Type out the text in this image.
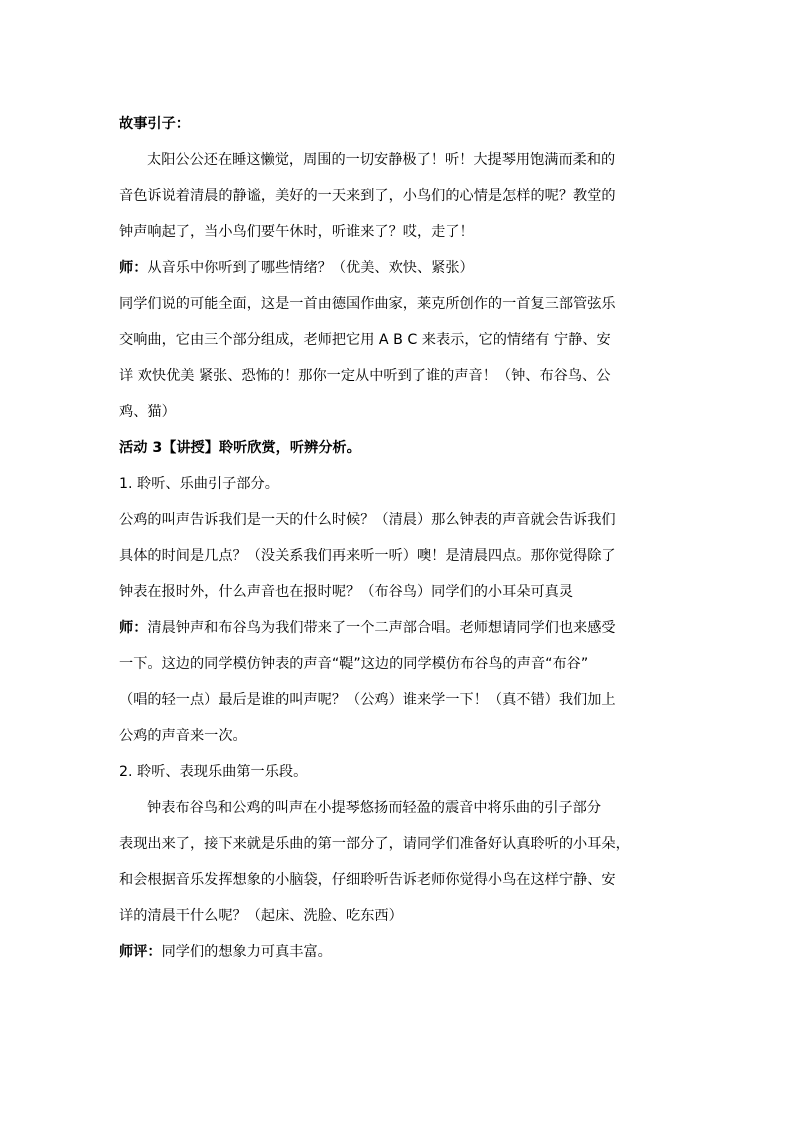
故事引子：
太阳公公还在睡这懒觉，周围的一切安静极了！听！大提琴用饱满而柔和的
音色诉说着清晨的静谧，美好的一天来到了，小鸟们的心情是怎样的呢？教堂的
钟声响起了，当小鸟们要午休时，听谁来了？哎，走了！
师：从音乐中你听到了哪些情绪？（优美、欢快、紧张）
同学们说的可能全面，这是一首由德国作曲家，莱克所创作的一首复三部管弦乐
交响曲，它由三个部分组成，老师把它用 A B C 来表示，它的情绪有 宁静、安
详 欢快优美 紧张、恐怖的！那你一定从中听到了谁的声音！（钟、布谷鸟、公
鸡、猫）
活动 3【讲授】聆听欣赏，听辨分析。
1. 聆听、乐曲引子部分。
公鸡的叫声告诉我们是一天的什么时候？（清晨）那么钟表的声音就会告诉我们
具体的时间是几点？（没关系我们再来听一听）噢！是清晨四点。那你觉得除了
钟表在报时外，什么声音也在报时呢？（布谷鸟）同学们的小耳朵可真灵
师：清晨钟声和布谷鸟为我们带来了一个二声部合唱。老师想请同学们也来感受
一下。这边的同学模仿钟表的声音“鞮”这边的同学模仿布谷鸟的声音“布谷”
（唱的轻一点）最后是谁的叫声呢？（公鸡）谁来学一下！（真不错）我们加上
公鸡的声音来一次。
2. 聆听、表现乐曲第一乐段。
钟表布谷鸟和公鸡的叫声在小提琴悠扬而轻盈的震音中将乐曲的引子部分
表现出来了，接下来就是乐曲的第一部分了，请同学们准备好认真聆听的小耳朵，
和会根据音乐发挥想象的小脑袋，仔细聆听告诉老师你觉得小鸟在这样宁静、安
详的清晨干什么呢？（起床、洗脸、吃东西）
师评：同学们的想象力可真丰富。
